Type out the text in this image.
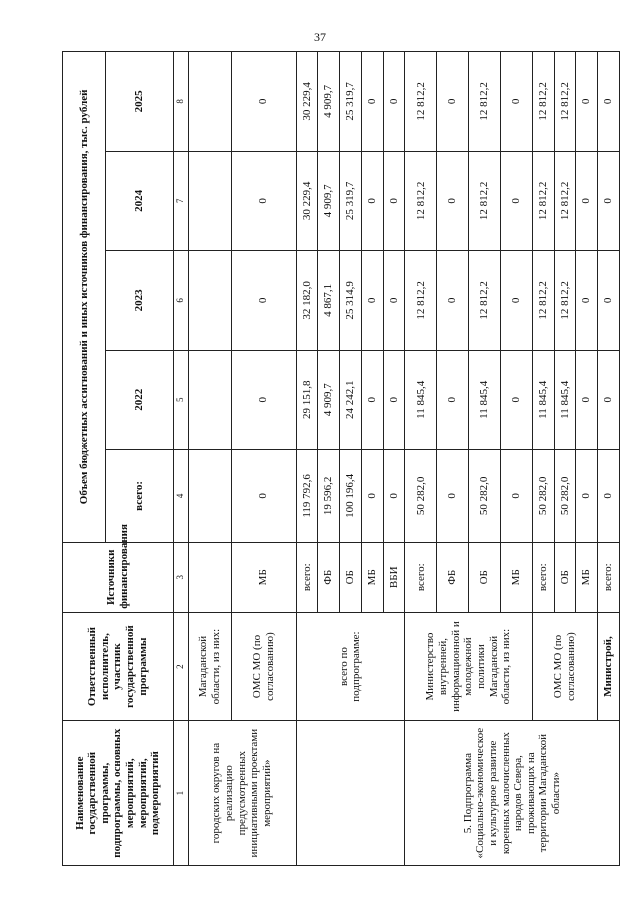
37
Наименование государственной программы, подпрограммы, основных мероприятий, мероприятий, подмероприятий	Ответственный исполнитель, участник государственной программы	Источники финансирования	Объем бюджетных ассигнований и иных источников финансирования, тыс. рублей				
			всего:	2022	2023	2024	2025
1	2	3	4	5	6	7	8
городских округов на реализацию предусмотренных инициативными проектами мероприятий»	Магаданской области, из них:						
	ОМС МО (по согласованию)	МБ	0	0	0	0	0
	всего по подпрограмме:	всего:	119 792,6	29 151,8	32 182,0	30 229,4	30 229,4
		ФБ	19 596,2	4 909,7	4 867,1	4 909,7	4 909,7
		ОБ	100 196,4	24 242,1	25 314,9	25 319,7	25 319,7
		МБ	0	0	0	0	0
		ВБИ	0	0	0	0	0
5. Подпрограмма «Социально-экономическое и культурное развитие коренных малочисленных народов Севера, проживающих на территории Магаданской области»	Министерство внутренней, информационной и молодежной политики Магаданской области, из них:	всего:	50 282,0	11 845,4	12 812,2	12 812,2	12 812,2
		ФБ	0	0	0	0	0
		ОБ	50 282,0	11 845,4	12 812,2	12 812,2	12 812,2
		МБ	0	0	0	0	0
	ОМС МО (по согласованию)	всего:	50 282,0	11 845,4	12 812,2	12 812,2	12 812,2
		ОБ	50 282,0	11 845,4	12 812,2	12 812,2	12 812,2
		МБ	0	0	0	0	0
	Министрой,	всего:	0	0	0	0	0
